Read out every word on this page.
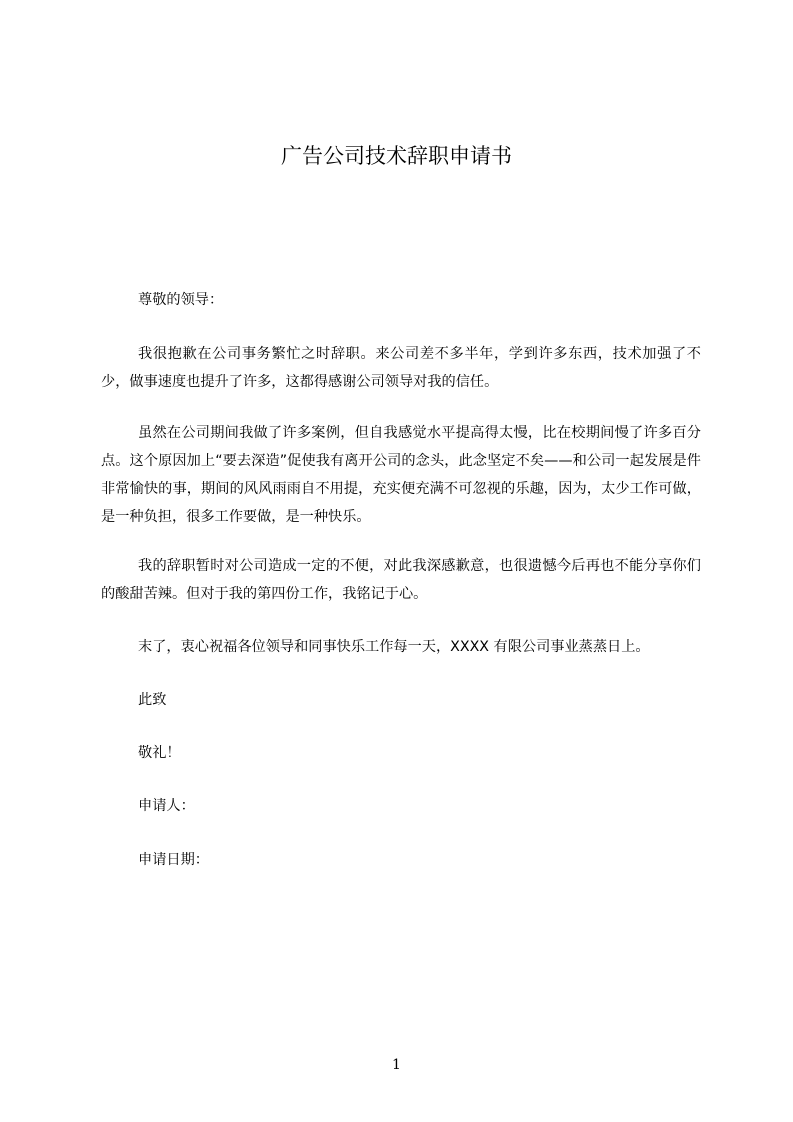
广告公司技术辞职申请书
尊敬的领导：

我很抱歉在公司事务繁忙之时辞职。来公司差不多半年，学到许多东西，技术加强了不少，做事速度也提升了许多，这都得感谢公司领导对我的信任。

虽然在公司期间我做了许多案例，但自我感觉水平提高得太慢，比在校期间慢了许多百分点。这个原因加上“要去深造”促使我有离开公司的念头，此念坚定不矣——和公司一起发展是件非常愉快的事，期间的风风雨雨自不用提，充实便充满不可忽视的乐趣，因为，太少工作可做，是一种负担，很多工作要做，是一种快乐。

我的辞职暂时对公司造成一定的不便，对此我深感歉意，也很遗憾今后再也不能分享你们的酸甜苦辣。但对于我的第四份工作，我铭记于心。

末了，衷心祝福各位领导和同事快乐工作每一天，XXXX 有限公司事业蒸蒸日上。
此致
敬礼！
申请人：
申请日期：
1
